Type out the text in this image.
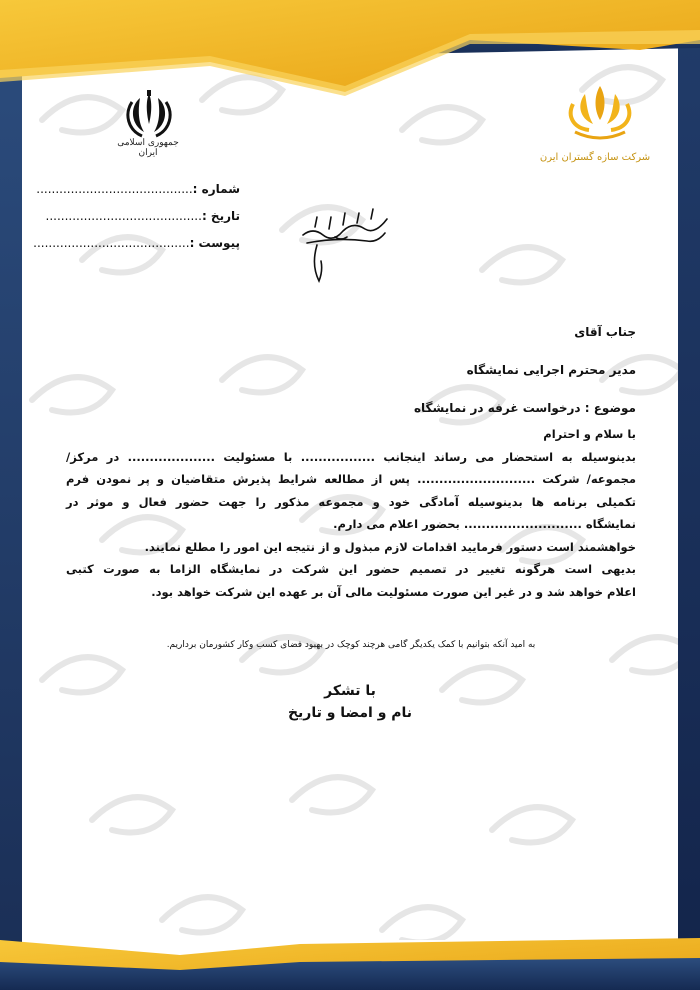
جمهوری اسلامی ایران	شرکت سازه گستران ایرن
شماره :.........................................
تاریخ :.........................................
پیوست :.........................................
جناب آقای
مدیر محترم اجرایی نمایشگاه
موضوع : درخواست غرفه در نمایشگاه

با سلام و احترام

بدینوسیله به استحضار می رساند اینجانب ................. با مسئولیت .................... در مرکز/

مجموعه/ شرکت ........................... پس از مطالعه شرایط پذیرش متقاضیان و پر نمودن فرم

تکمیلی برنامه ها بدینوسیله آمادگی خود و مجموعه مذکور را جهت حضور فعال و موثر در

نمایشگاه ........................... بحضور اعلام می دارم.

خواهشمند است دستور فرمایید اقدامات لازم مبذول و از نتیجه این امور را مطلع نمایند.

بدیهی است هرگونه تغییر در تصمیم حضور این شرکت در نمایشگاه الزاما به صورت کتبی

اعلام خواهد شد و در غیر این صورت مسئولیت مالی آن بر عهده این شرکت خواهد بود.

به امید آنکه بتوانیم با کمک یکدیگر گامی هرچند کوچک در بهبود فضای کسب وکار کشورمان برداریم.
با تشکر
نام و امضا و تاریخ
